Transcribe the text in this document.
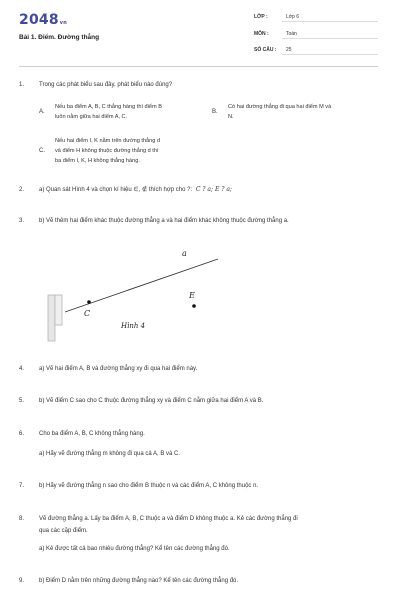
2048vn
Bài 1. Điểm. Đường thẳng
LỚP :	Lớp 6
MÔN :	Toán
SỐ CÂU : 25
1. Trong các phát biểu sau đây, phát biểu nào đúng?
A.
Nếu ba điểm A, B, C thẳng hàng thì điểm B
luôn nằm giữa hai điểm A, C.
B.
Có hai đường thẳng đi qua hai điểm M và
N.
C.
Nếu hai điểm I, K nằm trên đường thẳng d
và điểm H không thuộc đường thẳng d thì
ba điểm I, K, H không thẳng hàng.
2. a) Quan sát Hình 4 và chọn kí hiệu ∈, ∉ thích hợp cho ?: C ? a; E ? a;
3. b) Vẽ thêm hai điểm khác thuộc đường thẳng a và hai điểm khác không thuộc đường thẳng a.
a
C
E
Hình 4
4. a) Vẽ hai điểm A, B và đường thẳng xy đi qua hai điểm này.
5. b) Vẽ điểm C sao cho C thuộc đường thẳng xy và điểm C nằm giữa hai điểm A và B.
6. Cho ba điểm A, B, C không thẳng hàng.
a) Hãy vẽ đường thẳng m không đi qua cả A, B và C.
7. b) Hãy vẽ đường thẳng n sao cho điểm B thuộc n và các điểm A, C không thuộc n.
8. Vẽ đường thẳng a. Lấy ba điểm A, B, C thuộc a và điểm D không thuộc a. Kẻ các đường thẳng đi
qua các cặp điểm.
a) Kẻ được tất cả bao nhiêu đường thẳng? Kể tên các đường thẳng đó.
9. b) Điểm D nằm trên những đường thẳng nào? Kể tên các đường thẳng đó.
